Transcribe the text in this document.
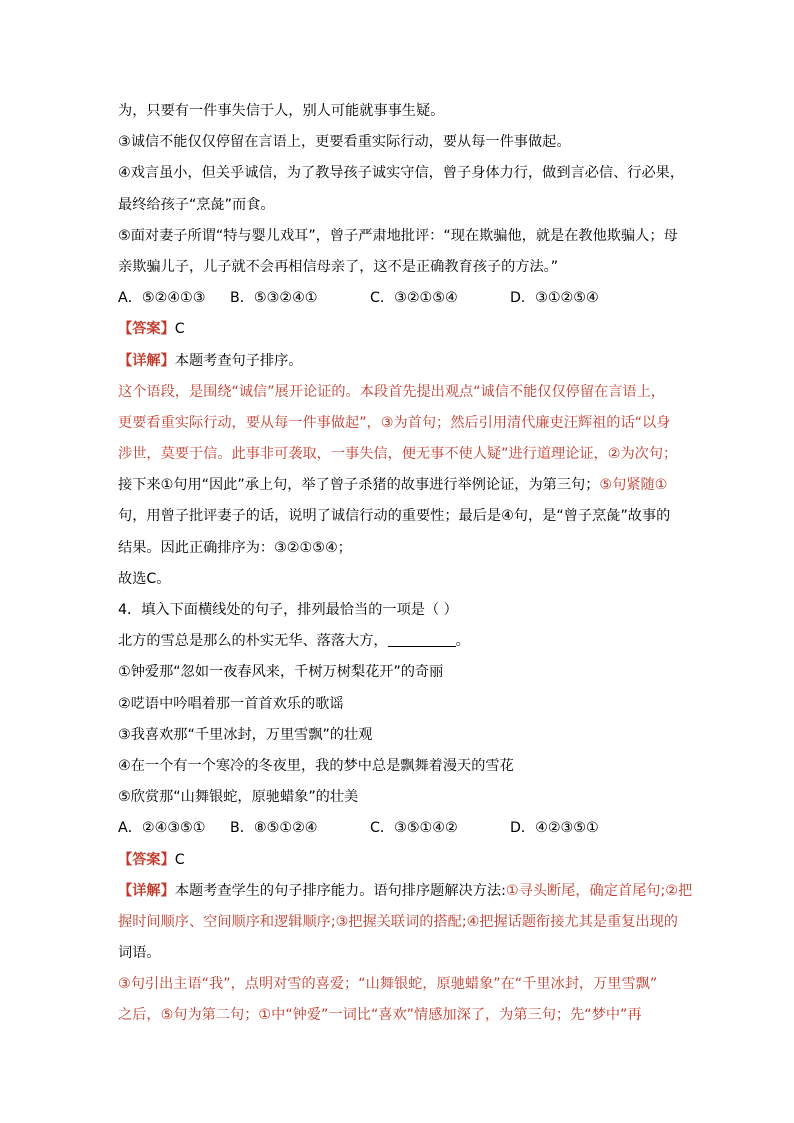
为，只要有一件事失信于人，别人可能就事事生疑。
③诚信不能仅仅停留在言语上，更要看重实际行动，要从每一件事做起。
④戏言虽小，但关乎诚信，为了教导孩子诚实守信，曾子身体力行，做到言必信、行必果，
最终给孩子“烹彘”而食。
⑤面对妻子所谓“特与婴儿戏耳”，曾子严肃地批评：“现在欺骗他，就是在教他欺骗人；母
亲欺骗儿子，儿子就不会再相信母亲了，这不是正确教育孩子的方法。”
A．⑤②④①③ B．⑤③②④①	C．③②①⑤④	D．③①②⑤④
【答案】C
【详解】本题考查句子排序。
这个语段，是围绕“诚信”展开论证的。本段首先提出观点“诚信不能仅仅停留在言语上，
更要看重实际行动，要从每一件事做起”，③为首句；然后引用清代廉吏汪辉祖的话“以身
涉世，莫要于信。此事非可袭取，一事失信，便无事不使人疑”进行道理论证，②为次句；
接下来①句用“因此”承上句，举了曾子杀猪的故事进行举例论证，为第三句；⑤句紧随①
句，用曾子批评妻子的话，说明了诚信行动的重要性；最后是④句，是“曾子烹彘”故事的
结果。因此正确排序为：③②①⑤④；
故选C。
4．填入下面横线处的句子，排列最恰当的一项是（ ）
北方的雪总是那么的朴实无华、落落大方，	。
①钟爱那“忽如一夜春风来，千树万树梨花开”的奇丽
②呓语中吟唱着那一首首欢乐的歌谣
③我喜欢那“千里冰封，万里雪飘”的壮观
④在一个有一个寒冷的冬夜里，我的梦中总是飘舞着漫天的雪花
⑤欣赏那“山舞银蛇，原驰蜡象”的壮美
A．②④③⑤① B．⑧⑤①②④	C．③⑤①④②	D．④②③⑤①
【答案】C
【详解】本题考查学生的句子排序能力。语句排序题解决方法:①寻头断尾，确定首尾句;②把
握时间顺序、空间顺序和逻辑顺序;③把握关联词的搭配;④把握话题衔接尤其是重复出现的
词语。
③句引出主语“我”，点明对雪的喜爱；“山舞银蛇，原驰蜡象”在“千里冰封，万里雪飘”
之后，⑤句为第二句；①中“钟爱”一词比“喜欢”情感加深了，为第三句；先“梦中”再
